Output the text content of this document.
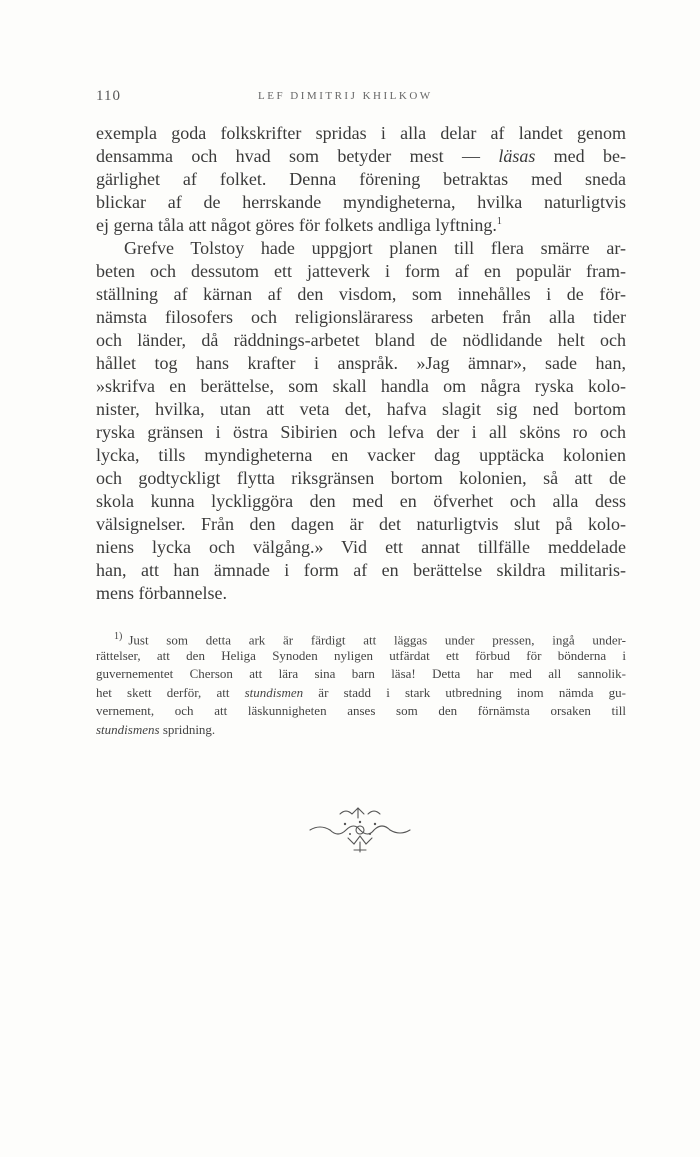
110	LEF DIMITRIJ KHILKOW
exempla goda folkskrifter spridas i alla delar af landet genom
densamma och hvad som betyder mest — läsas med be-
gärlighet af folket. Denna förening betraktas med sneda
blickar af de herrskande myndigheterna, hvilka naturligtvis
ej gerna tåla att något göres för folkets andliga lyftning.$^1$
Grefve Tolstoy hade uppgjort planen till flera smärre ar-
beten och dessutom ett jatteverk i form af en populär fram-
ställning af kärnan af den visdom, som innehålles i de för-
nämsta filosofers och religionsläraress arbeten från alla tider
och länder, då räddnings-arbetet bland de nödlidande helt och
hållet tog hans krafter i anspråk. »Jag ämnar», sade han,
»skrifva en berättelse, som skall handla om några ryska kolo-
nister, hvilka, utan att veta det, hafva slagit sig ned bortom
ryska gränsen i östra Sibirien och lefva der i all sköns ro och
lycka, tills myndigheterna en vacker dag upptäcka kolonien
och godtyckligt flytta riksgränsen bortom kolonien, så att de
skola kunna lyckliggöra den med en öfverhet och alla dess
välsignelser. Från den dagen är det naturligtvis slut på kolo-
niens lycka och välgång.» Vid ett annat tillfälle meddelade
han, att han ämnade i form af en berättelse skildra militaris-
mens förbannelse.
$^{1)}$ Just som detta ark är färdigt att läggas under pressen, ingå under-
rättelser, att den Heliga Synoden nyligen utfärdat ett förbud för bönderna i
guvernementet Cherson att lära sina barn läsa! Detta har med all sannolik-
het skett derför, att stundismen är stadd i stark utbredning inom nämda gu-
vernement, och att läskunnigheten anses som den förnämsta orsaken till
stundismens spridning.
